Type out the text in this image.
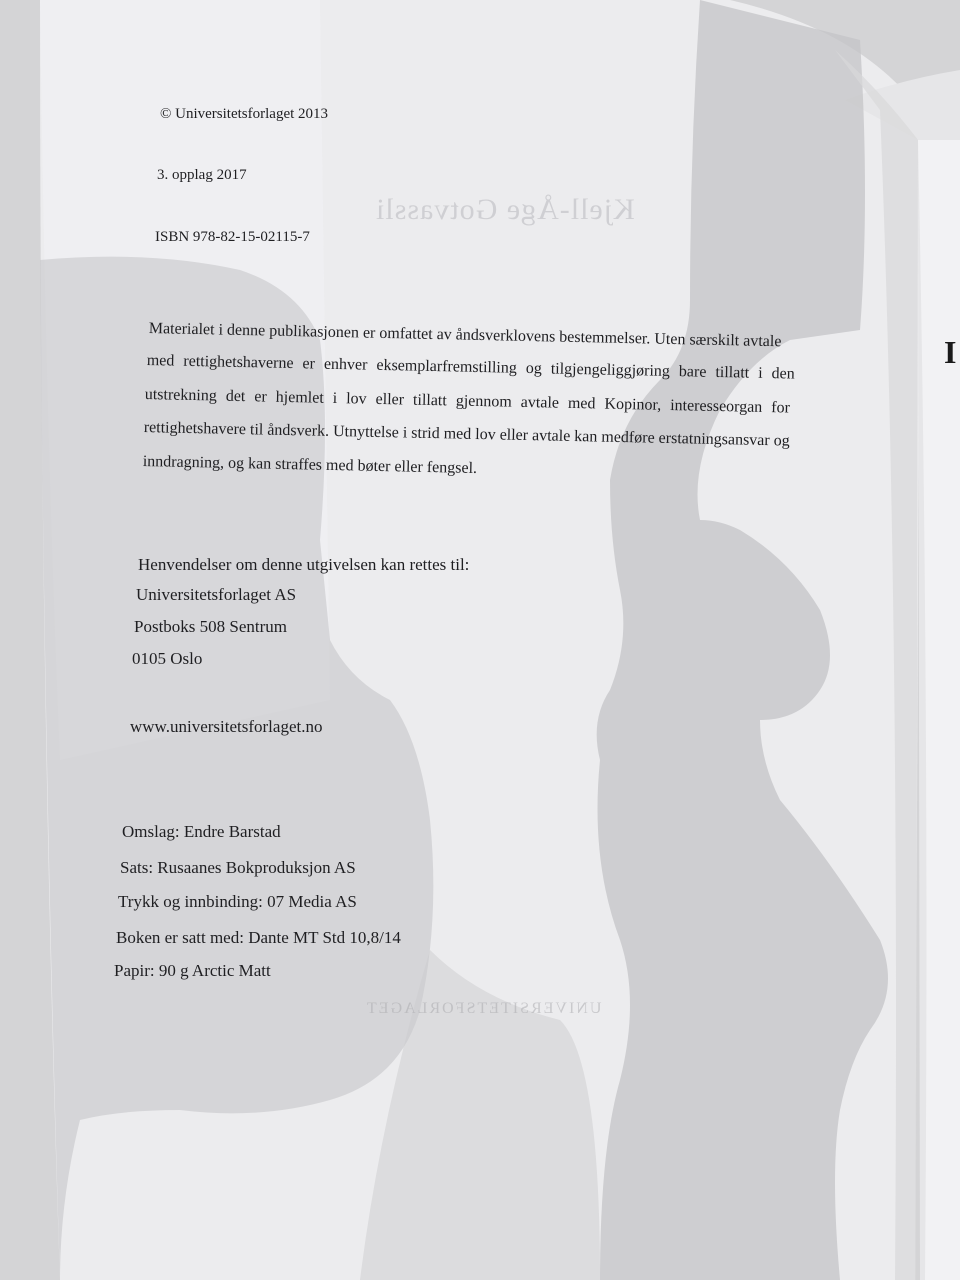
Kjell-Åge Gotvassli
UNIVERSITETSFORLAGET
© Universitetsforlaget 2013
3. opplag 2017
ISBN 978-82-15-02115-7
Materialet i denne publikasjonen er omfattet av åndsverklovens bestemmelser. Uten særskilt avtale
med rettighetshaverne er enhver eksemplarfremstilling og tilgjengeliggjøring bare tillatt i den
utstrekning det er hjemlet i lov eller tillatt gjennom avtale med Kopinor, interesseorgan for
rettighetshavere til åndsverk. Utnyttelse i strid med lov eller avtale kan medføre erstatningsansvar og
inndragning, og kan straffes med bøter eller fengsel.
Henvendelser om denne utgivelsen kan rettes til:
Universitetsforlaget AS
Postboks 508 Sentrum
0105 Oslo
www.universitetsforlaget.no
Omslag: Endre Barstad
Sats: Rusaanes Bokproduksjon AS
Trykk og innbinding: 07 Media AS
Boken er satt med: Dante MT Std 10,8/14
Papir: 90 g Arctic Matt
I
